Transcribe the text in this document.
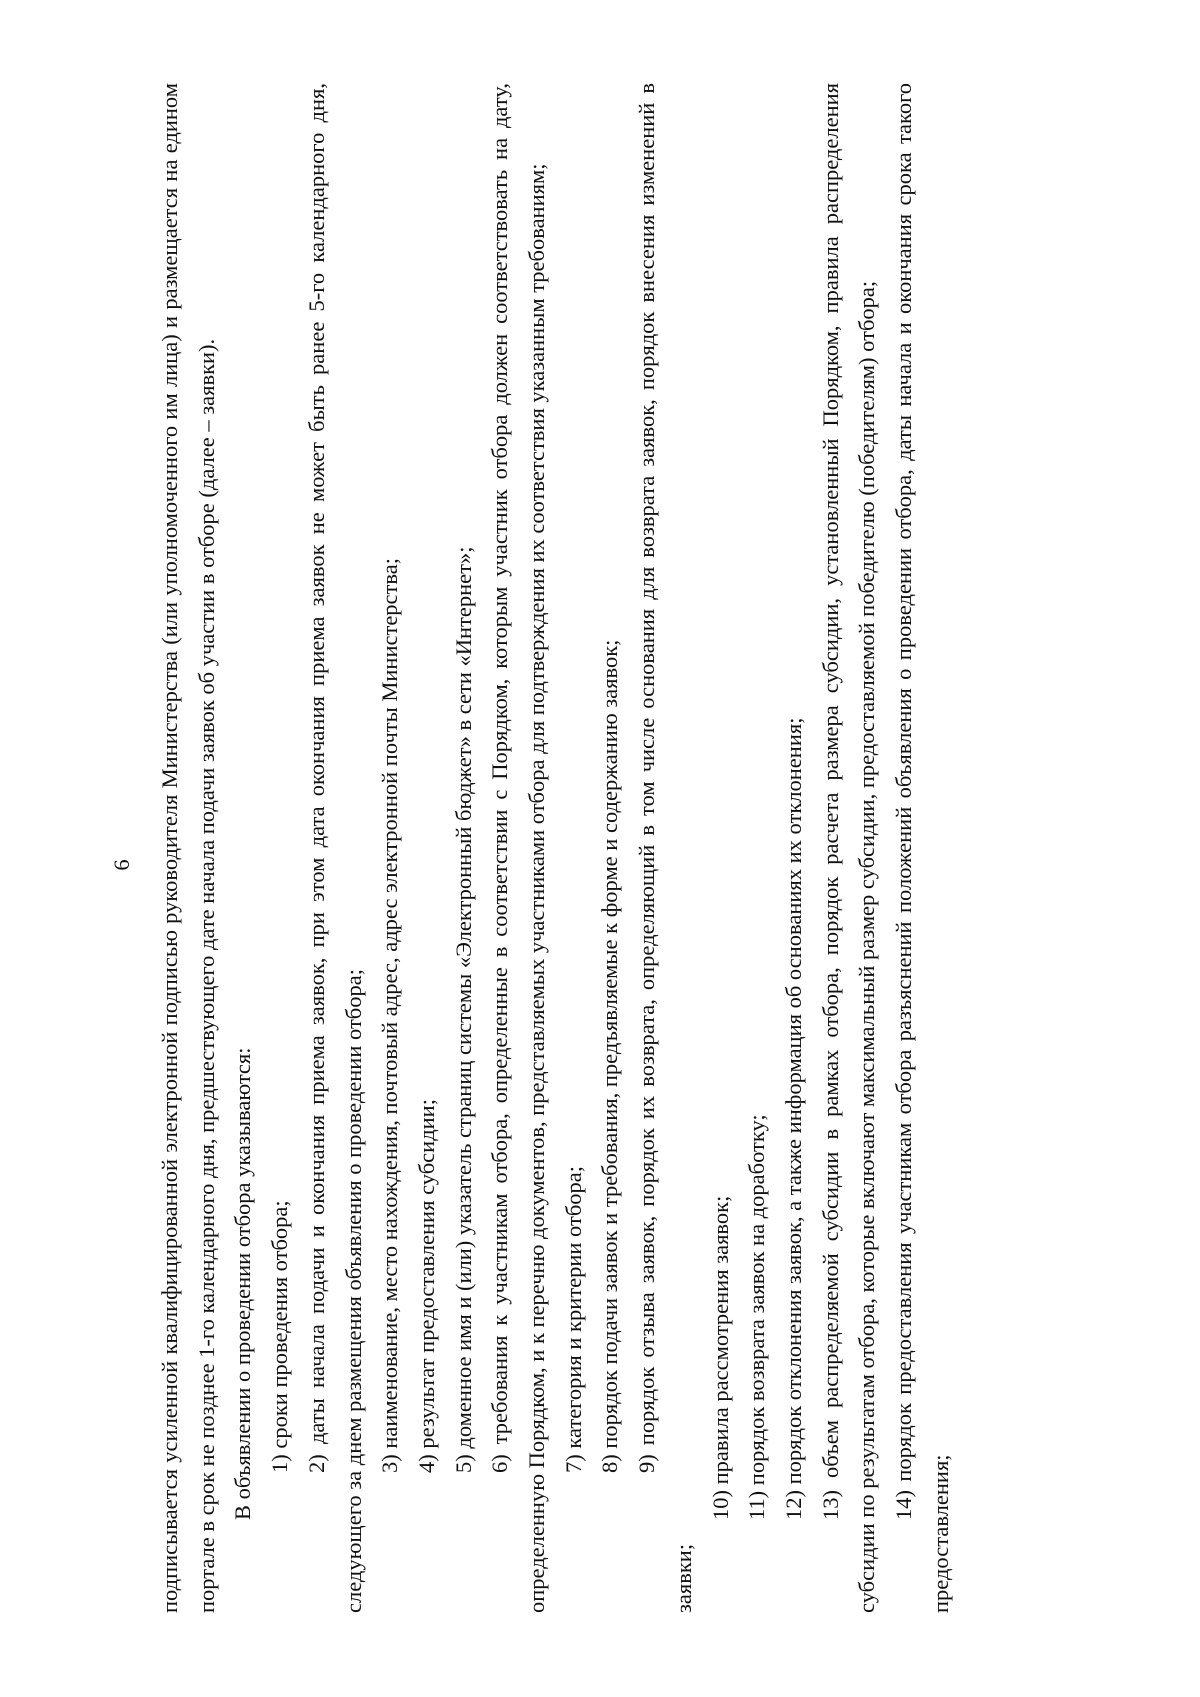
6	подписывается усиленной квалифицированной электронной подписью руководителя Министерства (или уполномоченного им лица) и размещается на едином портале в срок не позднее 1-го календарного дня, предшествующего дате начала подачи заявок об участии в отборе (далее – заявки). В объявлении о проведении отбора указываются: 1) сроки проведения отбора; 2) даты начала подачи и окончания приема заявок, при этом дата окончания приема заявок не может быть ранее 5-го календарного дня, следующего за днем размещения объявления о проведении отбора; 3) наименование, место нахождения, почтовый адрес, адрес электронной почты Министерства; 4) результат предоставления субсидии; 5) доменное имя и (или) указатель страниц системы «Электронный бюджет» в сети «Интернет»; 6) требования к участникам отбора, определенные в соответствии с Порядком, которым участник отбора должен соответствовать на дату, определенную Порядком, и к перечню документов, представляемых участниками отбора для подтверждения их соответствия указанным требованиям; 7) категория и критерии отбора; 8) порядок подачи заявок и требования, предъявляемые к форме и содержанию заявок; 9) порядок отзыва заявок, порядок их возврата, определяющий в том числе основания для возврата заявок, порядок внесения изменений в заявки;

10) правила рассмотрения заявок; 11) порядок возврата заявок на доработку; 12) порядок отклонения заявок, а также информация об основаниях их отклонения; 13) объем распределяемой субсидии в рамках отбора, порядок расчета размера субсидии, установленный Порядком, правила распределения субсидии по результатам отбора, которые включают максимальный размер субсидии, предоставляемой победителю (победителям) отбора; 14) порядок предоставления участникам отбора разъяснений положений объявления о проведении отбора, даты начала и окончания срока такого предоставления;
